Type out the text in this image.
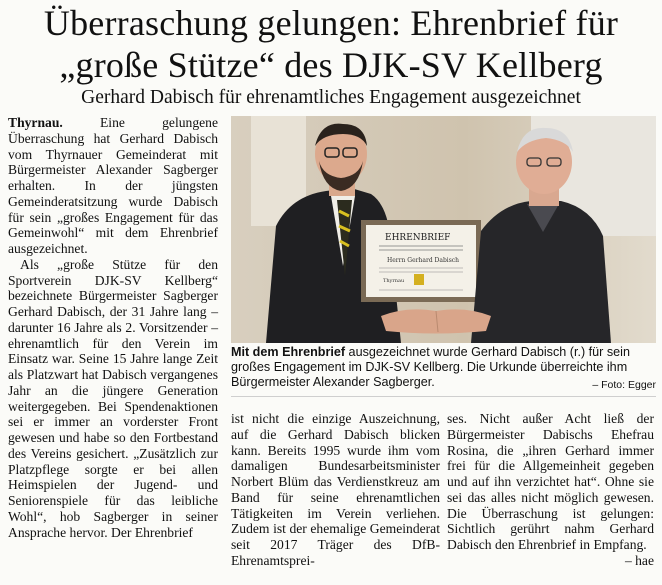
Überraschung gelungen: Ehrenbrief für
„große Stütze“ des DJK-SV Kellberg
Gerhard Dabisch für ehrenamtliches Engagement ausgezeichnet

Thyrnau. Eine gelungene Überraschung hat Gerhard Dabisch vom Thyrnauer Gemeinderat mit Bürgermeister Alexander Sagberger erhalten. In der jüngsten Gemeinderatsitzung wurde Dabisch für sein „großes Engagement für das Gemeinwohl“ mit dem Ehrenbrief ausgezeichnet.

Als „große Stütze für den Sportverein DJK-SV Kellberg“ bezeichnete Bürgermeister Sagberger Gerhard Dabisch, der 31 Jahre lang – darunter 16 Jahre als 2. Vorsitzender – ehrenamtlich für den Verein im Einsatz war. Seine 15 Jahre lange Zeit als Platzwart hat Dabisch vergangenes Jahr an die jüngere Generation weitergegeben. Bei Spendenaktionen sei er immer an vorderster Front gewesen und habe so den Fortbestand des Vereins gesichert. „Zusätzlich zur Platzpflege sorgte er bei allen Heimspielen der Jugend- und Seniorenspiele für das leibliche Wohl“, hob Sagberger in seiner Ansprache hervor. Der Ehrenbrief

EHRENBRIEF
Herrn Gerhard Dabisch
Thyrnau
Mit dem Ehrenbrief ausgezeichnet wurde Gerhard Dabisch (r.) für sein großes Engagement im DJK-SV Kellberg. Die Urkunde überreichte ihm Bürgermeister Alexander Sagberger.	– Foto: Egger

ist nicht die einzige Auszeichnung, auf die Gerhard Dabisch blicken kann. Bereits 1995 wurde ihm vom damaligen Bundesarbeitsminister Norbert Blüm das Verdienstkreuz am Band für seine ehrenamtlichen Tätigkeiten im Verein verliehen. Zudem ist der ehemalige Gemeinderat seit 2017 Träger des DfB-Ehrenamtsprei-

ses. Nicht außer Acht ließ der Bürgermeister Dabischs Ehefrau Rosina, die „ihren Gerhard immer frei für die Allgemeinheit gegeben und auf ihn verzichtet hat“. Ohne sie sei das alles nicht möglich gewesen. Die Überraschung ist gelungen: Sichtlich gerührt nahm Gerhard Dabisch den Ehrenbrief in Empfang.
– hae
